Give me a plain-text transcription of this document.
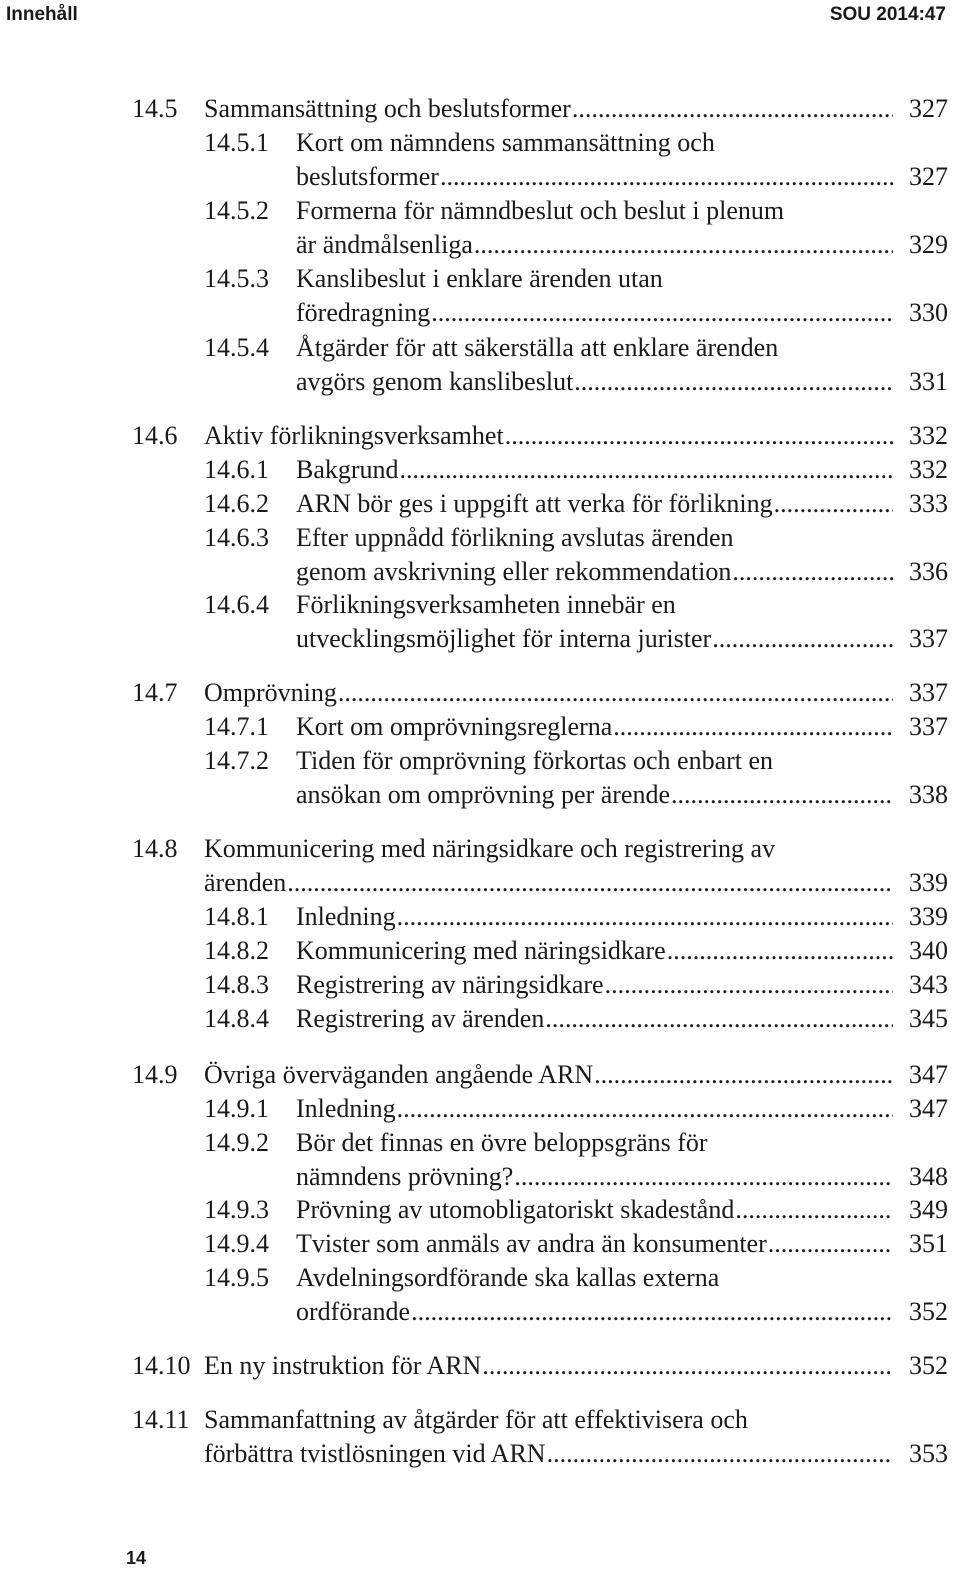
Innehåll	SOU 2014:47
14.5 Sammansättning och beslutsformer .....	327
14.5.1 Kort om nämndens sammansättning och
beslutsformer .....	327
14.5.2 Formerna för nämndbeslut och beslut i plenum
är ändmålsenliga .....	329
14.5.3 Kanslibeslut i enklare ärenden utan
föredragning .....	330
14.5.4 Åtgärder för att säkerställa att enklare ärenden
avgörs genom kanslibeslut .....	331
14.6 Aktiv förlikningsverksamhet .....	332
14.6.1 Bakgrund .....	332
14.6.2 ARN bör ges i uppgift att verka för förlikning .....	333
14.6.3 Efter uppnådd förlikning avslutas ärenden
genom avskrivning eller rekommendation .....	336
14.6.4 Förlikningsverksamheten innebär en
utvecklingsmöjlighet för interna jurister .....	337
14.7 Omprövning .....	337
14.7.1 Kort om omprövningsreglerna .....	337
14.7.2 Tiden för omprövning förkortas och enbart en
ansökan om omprövning per ärende .....	338
14.8 Kommunicering med näringsidkare och registrering av
ärenden .....	339
14.8.1 Inledning .....	339
14.8.2 Kommunicering med näringsidkare .....	340
14.8.3 Registrering av näringsidkare .....	343
14.8.4 Registrering av ärenden .....	345
14.9 Övriga överväganden angående ARN .....	347
14.9.1 Inledning .....	347
14.9.2 Bör det finnas en övre beloppsgräns för
nämndens prövning? .....	348
14.9.3 Prövning av utomobligatoriskt skadestånd .....	349
14.9.4 Tvister som anmäls av andra än konsumenter .....	351
14.9.5 Avdelningsordförande ska kallas externa
ordförande .....	352
14.10 En ny instruktion för ARN .....	352
14.11 Sammanfattning av åtgärder för att effektivisera och
förbättra tvistlösningen vid ARN .....	353
14
